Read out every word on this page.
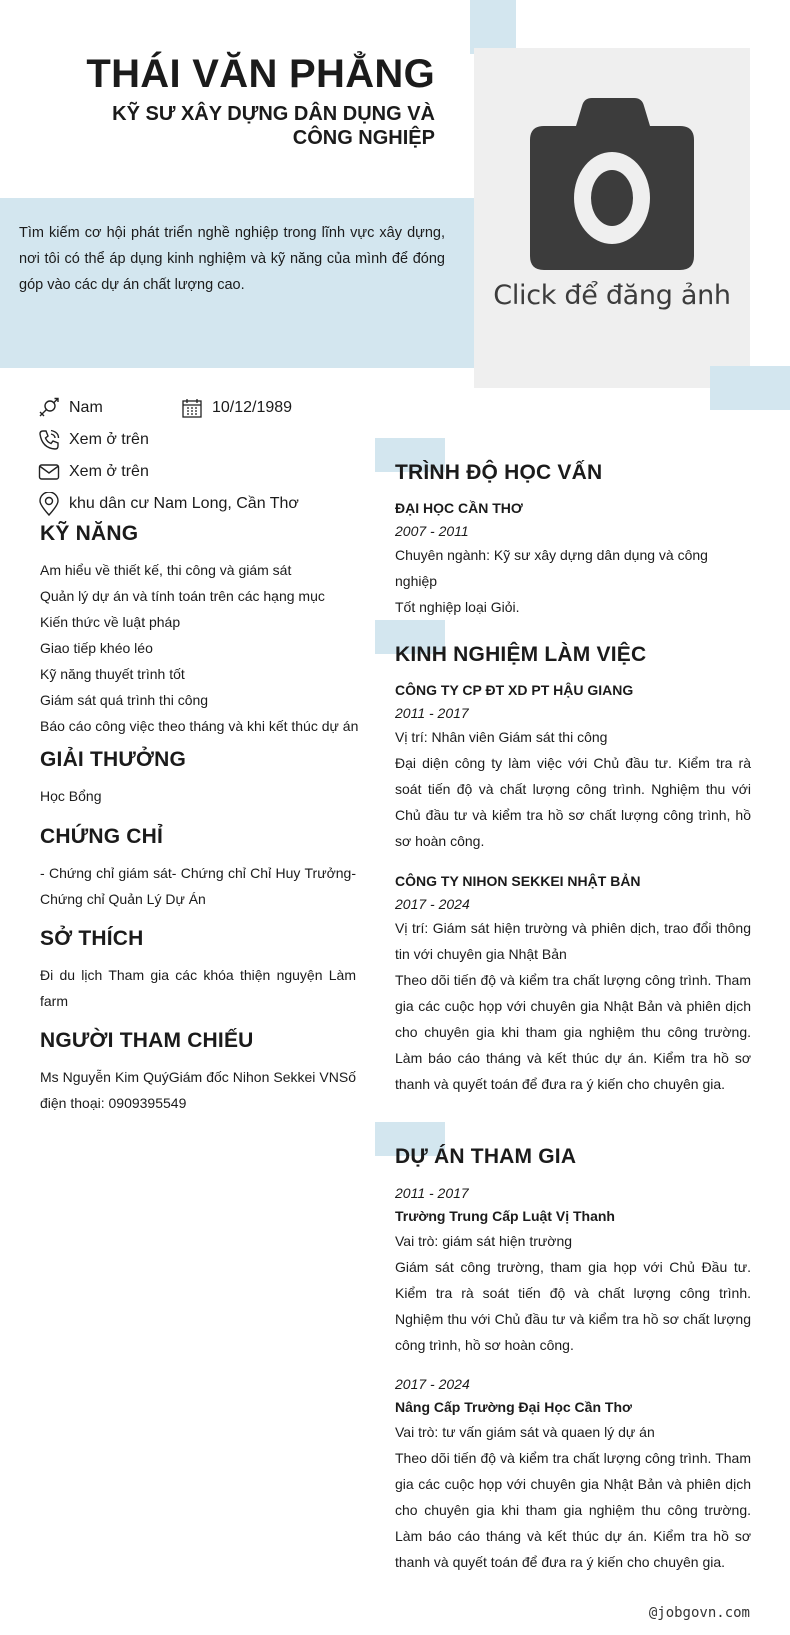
Click để đăng ảnh
THÁI VĂN PHẲNG
KỸ SƯ XÂY DỰNG DÂN DỤNG VÀ CÔNG NGHIỆP
Tìm kiếm cơ hội phát triển nghề nghiệp trong lĩnh vực xây dựng, nơi tôi có thể áp dụng kinh nghiệm và kỹ năng của mình để đóng góp vào các dự án chất lượng cao.
Nam	10/12/1989
Xem ở trên
Xem ở trên
khu dân cư Nam Long, Cần Thơ
KỸ NĂNG
Am hiểu về thiết kế, thi công và giám sát
Quản lý dự án và tính toán trên các hạng mục
Kiến thức về luật pháp
Giao tiếp khéo léo
Kỹ năng thuyết trình tốt
Giám sát quá trình thi công
Báo cáo công việc theo tháng và khi kết thúc dự án
GIẢI THƯỞNG
Học Bổng
CHỨNG CHỈ
- Chứng chỉ giám sát- Chứng chỉ Chỉ Huy Trưởng- Chứng chỉ Quản Lý Dự Án
SỞ THÍCH
Đi du lịch Tham gia các khóa thiện nguyện Làm farm
NGƯỜI THAM CHIẾU
Ms Nguyễn Kim QuýGiám đốc Nihon Sekkei VNSố điện thoại: 0909395549
TRÌNH ĐỘ HỌC VẤN
ĐẠI HỌC CẦN THƠ
2007 - 2011
Chuyên ngành: Kỹ sư xây dựng dân dụng và công nghiệp
Tốt nghiệp loại Giỏi.
KINH NGHIỆM LÀM VIỆC
CÔNG TY CP ĐT XD PT HẬU GIANG
2011 - 2017
Vị trí: Nhân viên Giám sát thi công
Đại diện công ty làm việc với Chủ đầu tư. Kiểm tra rà soát tiến độ và chất lượng công trình. Nghiệm thu với Chủ đầu tư và kiểm tra hồ sơ chất lượng công trình, hồ sơ hoàn công.
CÔNG TY NIHON SEKKEI NHẬT BẢN
2017 - 2024
Vị trí: Giám sát hiện trường và phiên dịch, trao đổi thông tin với chuyên gia Nhật Bản
Theo dõi tiến độ và kiểm tra chất lượng công trình. Tham gia các cuộc họp với chuyên gia Nhật Bản và phiên dịch cho chuyên gia khi tham gia nghiệm thu công trường. Làm báo cáo tháng và kết thúc dự án. Kiểm tra hồ sơ thanh và quyết toán để đưa ra ý kiến cho chuyên gia.
DỰ ÁN THAM GIA
2011 - 2017
Trường Trung Cấp Luật Vị Thanh
Vai trò: giám sát hiện trường
Giám sát công trường, tham gia họp với Chủ Đầu tư. Kiểm tra rà soát tiến độ và chất lượng công trình. Nghiệm thu với Chủ đầu tư và kiểm tra hồ sơ chất lượng công trình, hồ sơ hoàn công.
2017 - 2024
Nâng Cấp Trường Đại Học Cần Thơ
Vai trò: tư vấn giám sát và quaen lý dự án
Theo dõi tiến độ và kiểm tra chất lượng công trình. Tham gia các cuộc họp với chuyên gia Nhật Bản và phiên dịch cho chuyên gia khi tham gia nghiệm thu công trường. Làm báo cáo tháng và kết thúc dự án. Kiểm tra hồ sơ thanh và quyết toán để đưa ra ý kiến cho chuyên gia.
@jobgovn.com
